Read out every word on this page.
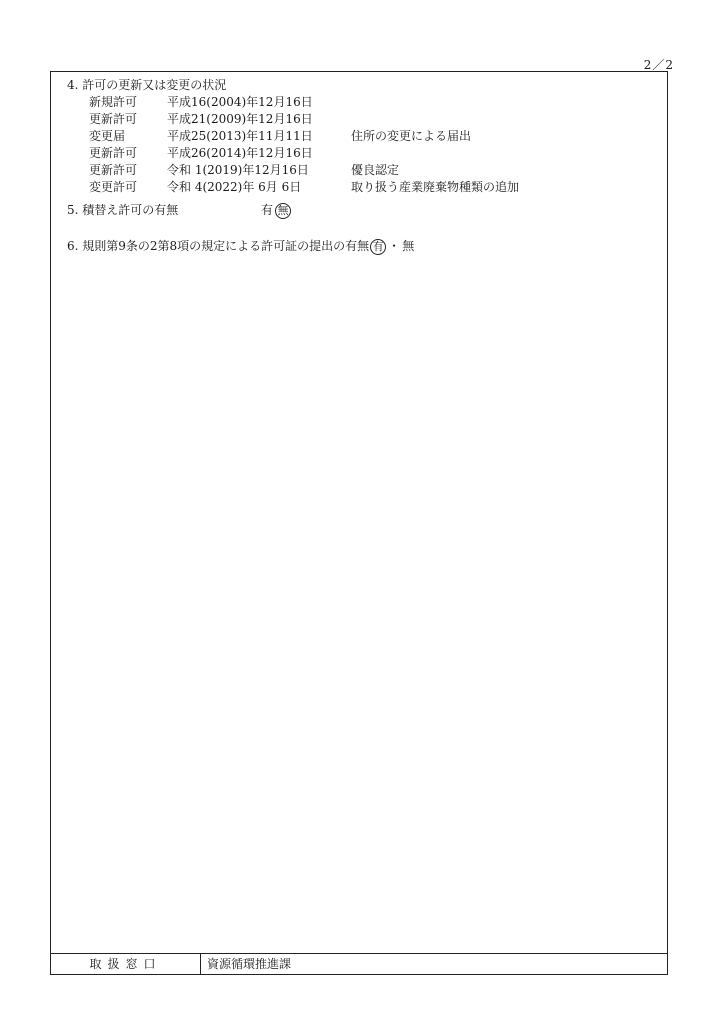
2／2
4. 許可の更新又は変更の状況
新規許可	平成16(2004)年12月16日
更新許可	平成21(2009)年12月16日
変更届	平成25(2013)年11月11日	住所の変更による届出
更新許可	平成26(2014)年12月16日
更新許可	令和 1(2019)年12月16日	優良認定
変更許可	令和 4(2022)年 6月 6日	取り扱う産業廃棄物種類の追加
5. 積替え許可の有無	有 無
6. 規則第9条の2第8項の規定による許可証の提出の有無 有 ・ 無
取扱窓口	資源循環推進課
